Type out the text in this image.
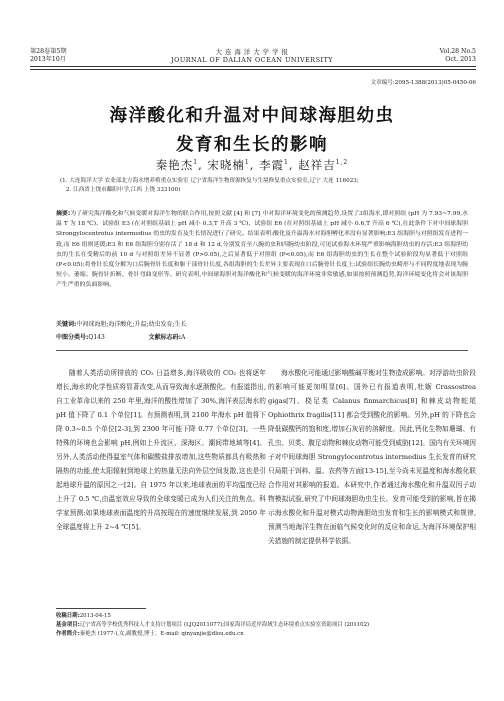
第28卷第5期
2013年10月
大 连 海 洋 大 学 学 报
JOURNAL OF DALIAN OCEAN UNIVERSITY
Vol.28 No.5
Oct. 2013
文章编号:2095-1388(2013)05-0450-06
海洋酸化和升温对中间球海胆幼虫
发育和生长的影响
秦艳杰$^1$, 宋晓楠$^1$, 李霞$^1$, 赵祥吉$^{1,2}$
(1. 大连海洋大学 农业部北方海水增养殖重点实验室 辽宁省海洋生物资源恢复与生境修复重点实验室,辽宁 大连 116023;
2. 江西省上饶市鄱阳中学,江西 上饶 333100)
摘要:为了研究海洋酸化和气候变暖对海洋生物的联合作用,按照文献 [4] 和 [7] 中对海洋环境变化的预测趋势,设置了3组海水,即对照组 (pH 为 7.93~7.99,水温 T 为 18 ℃)、试验组 E3 (在对照组基础上 pH 减小 0.3,T 升高 3 ℃)、试验组 E6 (在对照组基础上 pH 减小 0.6,T 升高 6 ℃),在此条件下对中间球海胆 Strongylocentrotus intermedius 幼虫的发育及生长情况进行了研究。结果表明:酸化及升温海水对海胆孵化率没有显著影响;E3 组海胆与对照组发育进程一致,而 E6 组则延缓;E3 和 E6 组海胆分别存活了 18 d 和 12 d,分别发育至八腕幼虫和四腕幼虫阶段,可见试验海水环境严重影响海胆幼虫的存活;E3 组海胆幼虫的生长在受精后的前 10 d 与对照组差异不显著 (P>0.05),之后显著低于对照组 (P<0.05),而 E6 组海胆幼虫的生长在整个试验阶段均显著低于对照组 (P<0.05);将骨针长度分解为口后腕骨针长度和躯干部骨针长度,各组海胆的生长差异主要表现在口后腕骨针长度上;试验组长腕幼虫畸形与不同程度地表现为腕短小、萎缩、腕骨针折断、骨针弯曲变形等。研究表明,中间球海胆对海洋酸化和气候变暖的海洋环境非常敏感,如果按照预测趋势,海洋环境变化将会对该海胆产生严重的负面影响。
关键词:中间球海胆;海洋酸化;升温;幼虫发育;生长
中图分类号:Q143	文献标志码:A

随着人类活动所排放的 CO₂ 日益增多,海洋吸收的 CO₂ 也将逐年增长,海水的化学性质将显著改变,从而导致海水逐渐酸化。有报道指出,自工业革命以来的 250 年里,海洋的酸性增加了 30%,海洋表层海水的 pH 值下降了 0.1 个单位[1]。有预测表明,到 2100 年海水 pH 值将下降 0.3~0.5 个单位[2-3],到 2300 年可能下降 0.77 个单位[3]。一些特殊的环境也会影响 pH,例如上升流区、深海区、潮间带地域等[4]。另外,人类活动使得温室气体和碳酸盐排放增加,这些物质都具有吸热和隔热的功能,使太阳辐射到地球上的热量无法向外层空间发散,这也是引起地球升温的原因之一[2]。自 1975 年以来,地球表面的平均温度已经上升了 0.5 ℃,由温室效应导致的全球变暖已成为人们关注的焦点。科学家预测:如果地球表面温度的升高按现在的速度继续发展,到 2050 年全球温度将上升 2~4 ℃[5]。

海水酸化可能通过影响酸碱平衡对生物造成影响。对浮游幼虫阶段的影响可能更加明显[6]。国外已有报道表明,牡蛎 Crassostrea gigas[7]、桡足类 Calanus finmarchicus[8] 和棘皮动物蛇尾 Ophiothrix fragilis[11] 都会受到酸化的影响。另外,pH 的下降也会降低碳酸钙的饱和度,增加石灰岩的溶解度。因此,钙化生物如珊瑚、有孔虫、贝类、腹足动物和棘皮动物可能受到威胁[12]。国内有关环境因子对中间球海胆 Strongylocentrotus intermedius 生长发育的研究只局限于饵料、温、农药等方面[13-15],至今尚未见温度和海水酸化联合作用对其影响的报道。本研究中,作者通过海水酸化和升温双因子动物模拟试验,研究了中间球海胆幼虫生长、发育可能受到的影响,旨在揭示海水酸化和升温对模式动物海胆幼虫发育和生长的影响模式和规律,预测当地海洋生物在面临气候变化时的反应和命运,为海洋环境保护相关措施的制定提供科学依据。

收稿日期:2013-04-15
基金项目:辽宁省高等学校优秀科技人才支持计划项目 (LJQ2011077);国家海洋局近岸海域生态环境重点实验室资助项目 (201102)
作者简介:秦艳杰 (1977-),女,副教授,博士。E-mail: qinyanjie@dlou.edu.cn
